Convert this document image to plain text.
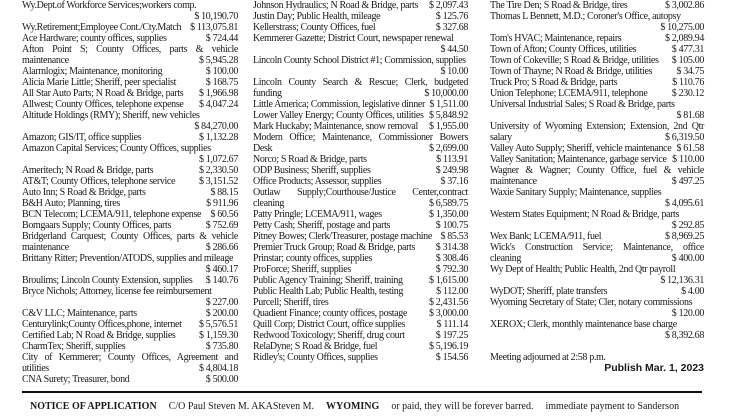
Wy.Dept.of Workforce Services;workers comp.
$ 10,190.70
Wy.Retirement;Employee Cont./Cty.Match $ 113,075.81
Ace Hardware; county offices, supplies	$ 724.44
Afton Point S; County Offices, parts & vehicle maintenance	$ 5,945.28
Alarmlogix; Maintenance, monitoring	$ 100.00
Alicia Marie Little; Sheriff, peer specialist	$ 168.75
All Star Auto Parts; N Road & Bridge, parts	$ 1,966.98
Allwest; County Offices, telephone expense	$ 4,047.24
Altitude Holdings (RMY); Sheriff, new vehicles
$ 84,270.00
Amazon; GIS/IT, office supplies	$ 1,132.28
Amazon Capital Services; County Offices, supplies
$ 1,072.67
Ameritech; N Road & Bridge, parts	$ 2,330.50
AT&T; County Offices, telephone service	$ 3,151.52
Auto Inn; S Road & Bridge, parts	$ 88.15
B&H Auto; Planning, tires	$ 911.96
BCN Telecom; LCEMA/911, telephone expense $ 60.56
Bomgaars Supply; County Offices, parts	$ 752.69
Bridgerland Carquest; County Offices, parts & vehicle maintenance	$ 286.66
Brittany Ritter; Prevention/ATODS, supplies and mileage
$ 460.17
Broulims; Lincoln County Extension, supplies	$ 140.76
Bryce Nichols; Attorney, license fee reimbursement
$ 227.00
C&V LLC; Maintenance, parts	$ 200.00
Centurylink;County Offices,phone, internet	$ 5,576.51
Certified Lab; N Road & Bridge, supplies	$ 1,159.30
CharmTex; Sheriff, supplies	$ 735.80
City of Kemmerer; County Offices, Agreement and utilities	$ 4,804.18
CNA Surety; Treasurer, bond	$ 500.00
Johnson Hydraulics; N Road & Bridge, parts	$ 2,097.43
Justin Day; Public Health, mileage	$ 125.76
Kellerstrass; County Offices, fuel	$ 327.68
Kemmerer Gazette; District Court, newspaper renewal
$ 44.50
Lincoln County School District #1; Commission, supplies
$ 10.00
Lincoln County Search & Rescue; Clerk, budgeted funding	$ 10,000.00
Little America; Commission, legislative dinner $ 1,511.00
Lower Valley Energy; County Offices, utilities $ 5,848.92
Mark Huckaby; Maintenance, snow removal	$ 1,955.00
Modern Office; Maintenance, Commissioner Bowers Desk	$ 2,699.00
Norco; S Road & Bridge, parts	$ 113.91
ODP Business; Sheriff, supplies	$ 249.98
Office Products; Assessor, supplies	$ 37.16
Outlaw Supply;Courthouse/Justice Center,contract cleaning	$ 6,589.75
Patty Pringle; LCEMA/911, wages	$ 1,350.00
Petty Cash; Sheriff, postage and parts	$ 100.75
Pitney Bowes; Clerk/Treasurer, postage machine $ 85.53
Premier Truck Group; Road & Bridge, parts	$ 314.38
Prinstar; county offices, supplies	$ 308.46
ProForce; Sheriff, supplies	$ 792.30
Public Agency Training; Sheriff, training	$ 1,615.00
Public Health Lab; Public Health, testing	$ 112.00
Purcell; Sheriff, tires	$ 2,431.56
Quadient Finance; county offices, postage	$ 3,000.00
Quill Corp; District Court, office supplies	$ 111.14
Redwood Toxicology; Sheriff, drug court	$ 197.25
RelaDyne; S Road & Bridge, fuel	$ 5,196.19
Ridley's; County Offices, supplies	$ 154.56
The Tire Den; S Road & Bridge, tires	$ 3,002.86
Thomas L Bennett, M.D.; Coroner's Office, autopsy
$ 10,275.00
Tom's HVAC; Maintenance, repairs	$ 2,089.94
Town of Afton; County Offices, utilities	$ 477.31
Town of Cokeville; S Road & Bridge, utilities	$ 105.00
Town of Thayne; N Road & Bridge, utilities	$ 34.75
Truck Pro; S Road & Bridge, parts	$ 110.76
Union Telephone; LCEMA/911, telephone	$ 230.12
Universal Industrial Sales; S Road & Bridge, parts
$ 81.68
University of Wyoming Extension; Extension, 2nd Qtr salary	$ 6,319.50
Valley Auto Supply; Sheriff, vehicle maintenance $ 61.58
Valley Sanitation; Maintenance, garbage service $ 110.00
Wagner & Wagner; County Office, fuel & vehicle maintenance	$ 497.25
Waxie Sanitary Supply; Maintenance, supplies
$ 4,095.61
Western States Equipment; N Road & Bridge, parts
$ 292.85
Wex Bank; LCEMA/911, fuel	$ 8,969.25
Wick's Construction Service; Maintenance, office cleaning	$ 400.00
Wy Dept of Health; Public Health, 2nd Qtr payroll
$ 12,136.31
WyDOT; Sheriff, plate transfers	$ 4.00
Wyoming Secretary of State; Cler, notary commissions
$ 120.00
XEROX; Clerk, monthly maintenance base charge
$ 8,392.68
Meeting adjourned at 2:58 p.m.
Publish Mar. 1, 2023
NOTICE OF APPLICATION C/O Paul Steven M. AKASteven M. WYOMING or paid, they will be forever barred. immediate payment to Sanderson
